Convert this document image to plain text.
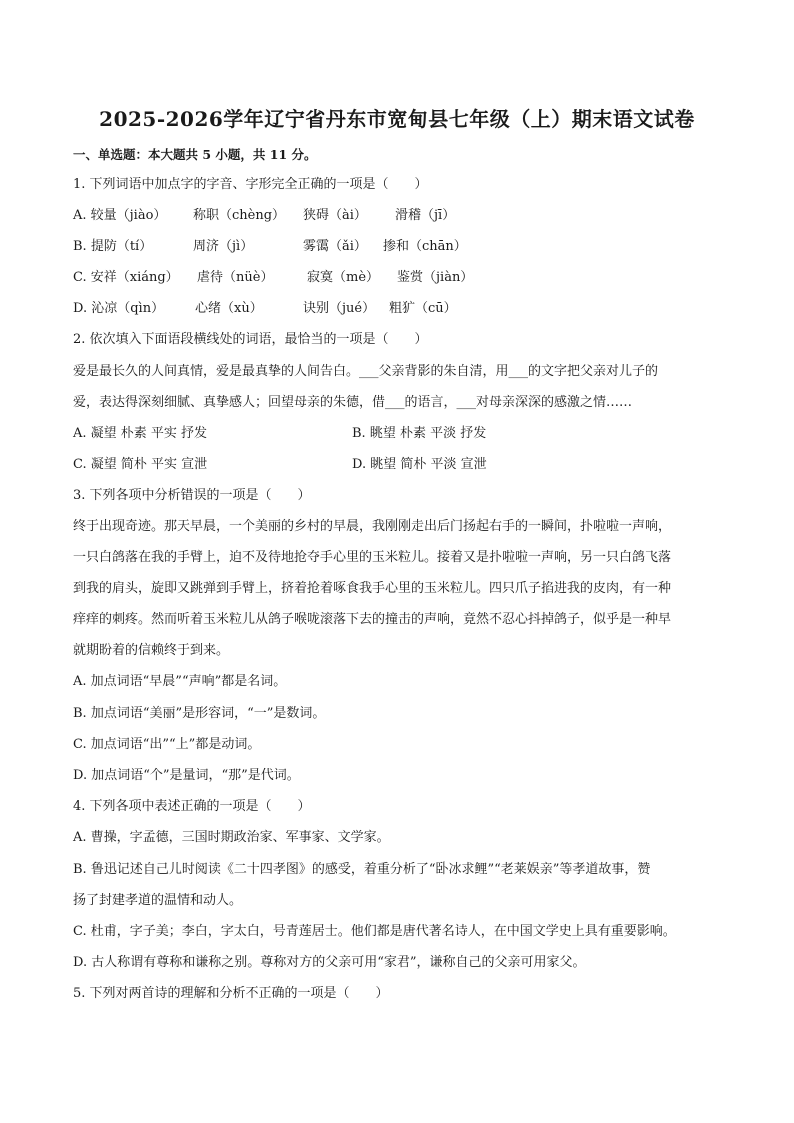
2025-2026学年辽宁省丹东市宽甸县七年级（上）期末语文试卷
一、单选题：本大题共 5 小题，共 11 分。
1. 下列词语中加点字的字音、字形完全正确的一项是（　　）
A. 较量（jiào） 称职（chèng） 狭碍（ài） 滑稽（jī）
B. 提防（tí）	周济（jì）	雾霭（ǎi） 掺和（chān）
C. 安祥（xiáng） 虐待（nüè）	寂寞（mè） 鉴赏（jiàn）
D. 沁凉（qìn） 心绪（xù）	诀别（jué） 粗犷（cū）
2. 依次填入下面语段横线处的词语，最恰当的一项是（　　）
爱是最长久的人间真情，爱是最真挚的人间告白。___父亲背影的朱自清，用___的文字把父亲对儿子的
爱，表达得深刻细腻、真挚感人；回望母亲的朱德，借___的语言，___对母亲深深的感激之情……
A. 凝望 朴素 平实 抒发	B. 眺望 朴素 平淡 抒发
C. 凝望 简朴 平实 宣泄	D. 眺望 简朴 平淡 宣泄
3. 下列各项中分析错误的一项是（　　）
终于出现奇迹。那天早晨，一个美丽的乡村的早晨，我刚刚走出后门扬起右手的一瞬间，扑啦啦一声响，
一只白鸽落在我的手臂上，迫不及待地抢夺手心里的玉米粒儿。接着又是扑啦啦一声响，另一只白鸽飞落
到我的肩头，旋即又跳弹到手臂上，挤着抢着啄食我手心里的玉米粒儿。四只爪子掐进我的皮肉，有一种
痒痒的刺疼。然而听着玉米粒儿从鸽子喉咙滚落下去的撞击的声响，竟然不忍心抖掉鸽子，似乎是一种早
就期盼着的信赖终于到来。
A. 加点词语“早晨”“声响”都是名词。
B. 加点词语“美丽”是形容词，“一”是数词。
C. 加点词语“出”“上”都是动词。
D. 加点词语“个”是量词，“那”是代词。
4. 下列各项中表述正确的一项是（　　）
A. 曹操，字孟德，三国时期政治家、军事家、文学家。
B. 鲁迅记述自己儿时阅读《二十四孝图》的感受，着重分析了“卧冰求鲤”“老莱娱亲”等孝道故事，赞
扬了封建孝道的温情和动人。
C. 杜甫，字子美；李白，字太白，号青莲居士。他们都是唐代著名诗人，在中国文学史上具有重要影响。
D. 古人称谓有尊称和谦称之别。尊称对方的父亲可用“家君”，谦称自己的父亲可用家父。
5. 下列对两首诗的理解和分析不正确的一项是（　　）
